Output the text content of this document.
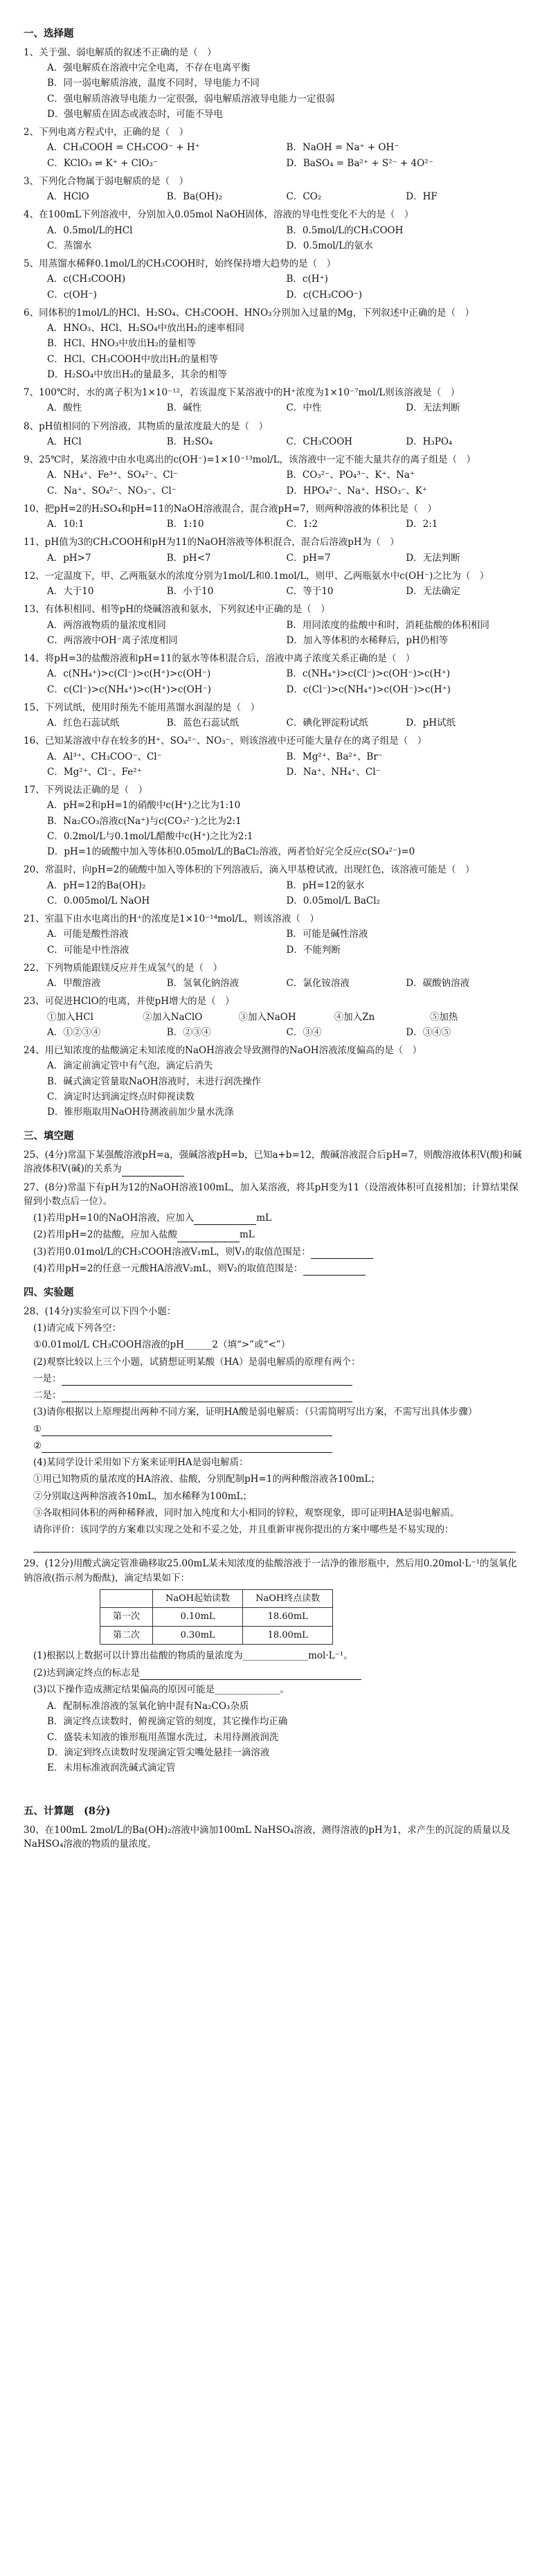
一、选择题
1、关于强、弱电解质的叙述不正确的是（　）
A．强电解质在溶液中完全电离，不存在电离平衡
B．同一弱电解质溶液，温度不同时，导电能力不同
C．强电解质溶液导电能力一定很强，弱电解质溶液导电能力一定很弱
D．强电解质在固态或液态时，可能不导电
2、下列电离方程式中，正确的是（　）
A．CH₃COOH = CH₃COO⁻ + H⁺	B．NaOH = Na⁺ + OH⁻
C．KClO₃ ⇌ K⁺ + ClO₃⁻	D．BaSO₄ = Ba²⁺ + S²⁻ + 4O²⁻
3、下列化合物属于弱电解质的是（　）
A．HClO	B．Ba(OH)₂	C．CO₂	D．HF
4、在100mL下列溶液中，分别加入0.05mol NaOH固体，溶液的导电性变化不大的是（　）
A．0.5mol/L的HCl	B．0.5mol/L的CH₃COOH
C．蒸馏水	D．0.5mol/L的氨水
5、用蒸馏水稀释0.1mol/L的CH₃COOH时，始终保持增大趋势的是（　）
A．c(CH₃COOH)	B．c(H⁺)
C．c(OH⁻)	D．c(CH₃COO⁻)
6、同体积的1mol/L的HCl、H₂SO₄、CH₃COOH、HNO₃分别加入过量的Mg，下列叙述中正确的是（　）
A．HNO₃、HCl、H₂SO₄中放出H₂的速率相同
B．HCl、HNO₃中放出H₂的量相等
C．HCl、CH₃COOH中放出H₂的量相等
D．H₂SO₄中放出H₂的量最多，其余的相等
7、100℃时，水的离子积为1×10⁻¹²，若该温度下某溶液中的H⁺浓度为1×10⁻⁷mol/L则该溶液是（　）
A．酸性	B．碱性	C．中性	D．无法判断
8、pH值相同的下列溶液，其物质的量浓度最大的是（　）
A．HCl	B．H₂SO₄	C．CH₃COOH	D．H₃PO₄
9、25℃时，某溶液中由水电离出的c(OH⁻)=1×10⁻¹³mol/L，该溶液中一定不能大量共存的离子组是（　）
A．NH₄⁺、Fe³⁺、SO₄²⁻、Cl⁻	B．CO₃²⁻、PO₄³⁻、K⁺、Na⁺
C．Na⁺、SO₄²⁻、NO₃⁻、Cl⁻	D．HPO₄²⁻、Na⁺、HSO₃⁻、K⁺
10、把pH=2的H₂SO₄和pH=11的NaOH溶液混合，混合液pH=7，则两种溶液的体积比是（　）
A．10:1	B．1:10	C．1:2	D．2:1
11、pH值为3的CH₃COOH和pH为11的NaOH溶液等体积混合，混合后溶液pH为（　）
A．pH>7	B．pH<7	C．pH=7	D．无法判断
12、一定温度下，甲、乙两瓶氨水的浓度分别为1mol/L和0.1mol/L，则甲、乙两瓶氨水中c(OH⁻)之比为（　）
A．大于10	B．小于10	C．等于10	D．无法确定
13、有体积相同、相等pH的烧碱溶液和氨水，下列叙述中正确的是（　）
A．两溶液物质的量浓度相同	B．用同浓度的盐酸中和时，消耗盐酸的体积相同
C．两溶液中OH⁻离子浓度相同	D．加入等体积的水稀释后，pH仍相等
14、将pH=3的盐酸溶液和pH=11的氨水等体积混合后，溶液中离子浓度关系正确的是（　）
A．c(NH₄⁺)>c(Cl⁻)>c(H⁺)>c(OH⁻)	B．c(NH₄⁺)>c(Cl⁻)>c(OH⁻)>c(H⁺)
C．c(Cl⁻)>c(NH₄⁺)>c(H⁺)>c(OH⁻)	D．c(Cl⁻)>c(NH₄⁺)>c(OH⁻)>c(H⁺)
15、下列试纸，使用时预先不能用蒸馏水润湿的是（　）
A．红色石蕊试纸	B．蓝色石蕊试纸	C．碘化钾淀粉试纸	D．pH试纸
16、已知某溶液中存在较多的H⁺、SO₄²⁻、NO₃⁻，则该溶液中还可能大量存在的离子组是（　）
A．Al³⁺、CH₃COO⁻、Cl⁻	B．Mg²⁺、Ba²⁺、Br⁻
C．Mg²⁺、Cl⁻、Fe²⁺	D．Na⁺、NH₄⁺、Cl⁻
17、下列说法正确的是（　）
A．pH=2和pH=1的硝酸中c(H⁺)之比为1:10
B．Na₂CO₃溶液c(Na⁺)与c(CO₃²⁻)之比为2:1
C．0.2mol/L与0.1mol/L醋酸中c(H⁺)之比为2:1
D．pH=1的硫酸中加入等体积0.05mol/L的BaCl₂溶液，两者恰好完全反应c(SO₄²⁻)=0
20、常温时，向pH=2的硫酸中加入等体积的下列溶液后，滴入甲基橙试液，出现红色，该溶液可能是（　）
A．pH=12的Ba(OH)₂	B．pH=12的氨水
C．0.005mol/L NaOH	D．0.05mol/L BaCl₂
21、室温下由水电离出的H⁺的浓度是1×10⁻¹⁴mol/L，则该溶液（　）
A．可能是酸性溶液	B．可能是碱性溶液
C．可能是中性溶液	D．不能判断
22、下列物质能跟镁反应并生成氢气的是（　）
A．甲酸溶液	B．氢氧化钠溶液	C．氯化铵溶液	D．碳酸钠溶液
23、可促进HClO的电离，并使pH增大的是（　）
①加入HCl	②加入NaClO	③加入NaOH	④加入Zn	⑤加热
A．①②③④	B．②③④	C．③④	D．③④⑤
24、用已知浓度的盐酸滴定未知浓度的NaOH溶液会导致测得的NaOH溶液浓度偏高的是（　）
A．滴定前滴定管中有气泡，滴定后消失
B．碱式滴定管量取NaOH溶液时，未进行润洗操作
C．滴定时达到滴定终点时仰视读数
D．锥形瓶取用NaOH待测液前加少量水洗涤
三、填空题
25、(4分)常温下某强酸溶液pH=a，强碱溶液pH=b，已知a+b=12，酸碱溶液混合后pH=7，则酸溶液体积V(酸)和碱溶液体积V(碱)的关系为
27、(8分)常温下有pH为12的NaOH溶液100mL，加入某溶液，将其pH变为11（设溶液体积可直接相加；计算结果保留到小数点后一位）。
(1)若用pH=10的NaOH溶液，应加入	mL
(2)若用pH=2的盐酸，应加入盐酸	mL
(3)若用0.01mol/L的CH₃COOH溶液V₁mL，则V₁的取值范围是：
(4)若用pH=2的任意一元酸HA溶液V₂mL，则V₂的取值范围是：
四、实验题
28、(14分)实验室可以下四个小题：
(1)请完成下列各空：
①0.01mol/L CH₃COOH溶液的pH______2（填“>”或“<”）
(2)观察比较以上三个小题，试猜想证明某酸（HA）是弱电解质的原理有两个：
一是：
二是：
(3)请你根据以上原理提出两种不同方案，证明HA酸是弱电解质：（只需简明写出方案，不需写出具体步骤）
①
②
(4)某同学设计采用如下方案来证明HA是弱电解质：
①用已知物质的量浓度的HA溶液、盐酸，分别配制pH=1的两种酸溶液各100mL；
②分别取这两种溶液各10mL，加水稀释为100mL；
③各取相同体积的两种稀释液，同时加入纯度和大小相同的锌粒，观察现象，即可证明HA是弱电解质。
请你评价：该同学的方案难以实现之处和不妥之处，并且重新审视你提出的方案中哪些是不易实现的：
29、(12分)用酸式滴定管准确移取25.00mL某未知浓度的盐酸溶液于一洁净的锥形瓶中，然后用0.20mol·L⁻¹的氢氧化钠溶液(指示剂为酚酞)，滴定结果如下：
	NaOH起始读数	NaOH终点读数
第一次	0.10mL	18.60mL
第二次	0.30mL	18.00mL
(1)根据以上数据可以计算出盐酸的物质的量浓度为______________mol·L⁻¹。
(2)达到滴定终点的标志是
(3)以下操作造成测定结果偏高的原因可能是______________。
A．配制标准溶液的氢氧化钠中混有Na₂CO₃杂质
B．滴定终点读数时，俯视滴定管的刻度，其它操作均正确
C．盛装未知液的锥形瓶用蒸馏水洗过，未用待测液润洗
D．滴定到终点读数时发现滴定管尖嘴处悬挂一滴溶液
E．未用标准液润洗碱式滴定管
五、计算题　 (8分)
30、在100mL 2mol/L的Ba(OH)₂溶液中滴加100mL NaHSO₄溶液，测得溶液的pH为1，求产生的沉淀的质量以及NaHSO₄溶液的物质的量浓度。
